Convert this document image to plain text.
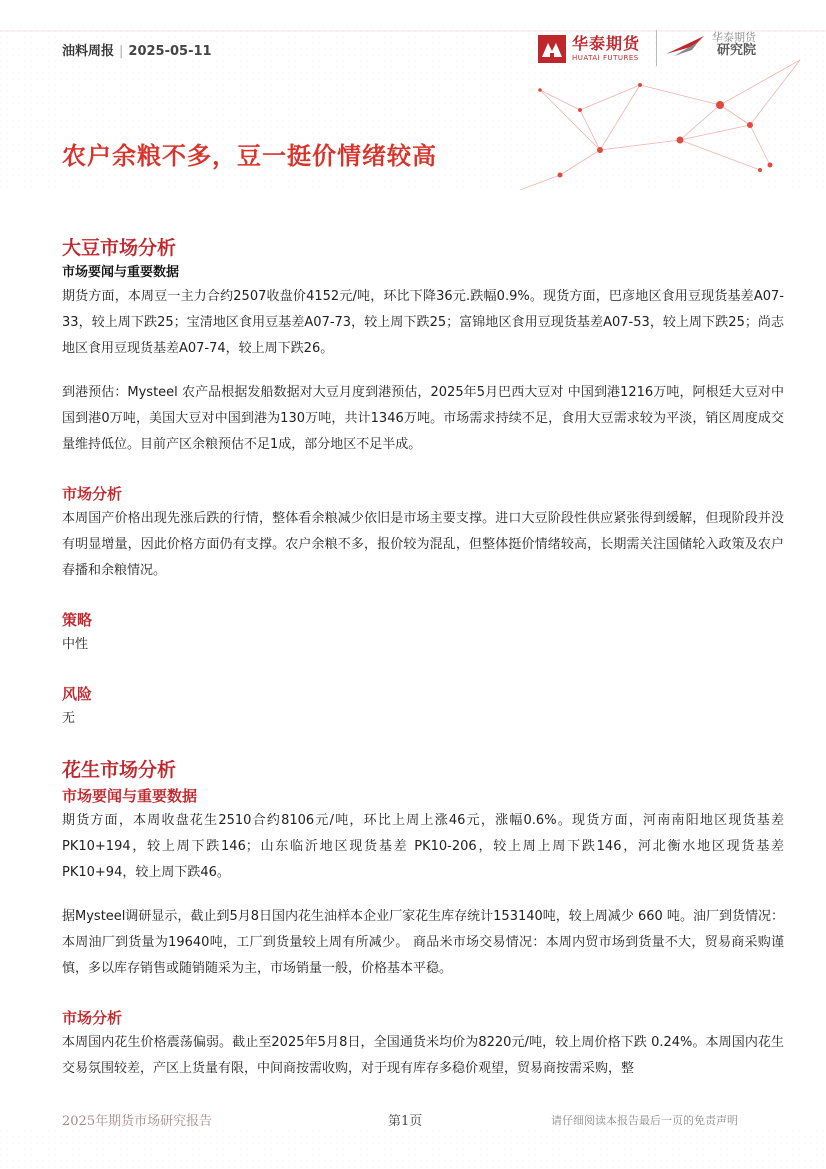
油料周报 | 2025-05-11	华泰期货
HUATAI FUTURES
华泰期货
研究院
农户余粮不多，豆一挺价情绪较高
大豆市场分析
市场要闻与重要数据

期货方面，本周豆一主力合约2507收盘价4152元/吨，环比下降36元.跌幅0.9%。现货方面，巴彦地区食用豆现货基差A07-33，较上周下跌25；宝清地区食用豆基差A07-73，较上周下跌25；富锦地区食用豆现货基差A07-53，较上周下跌25；尚志地区食用豆现货基差A07-74，较上周下跌26。

到港预估：Mysteel 农产品根据发船数据对大豆月度到港预估，2025年5月巴西大豆对 中国到港1216万吨，阿根廷大豆对中国到港0万吨，美国大豆对中国到港为130万吨，共计1346万吨。市场需求持续不足，食用大豆需求较为平淡，销区周度成交量维持低位。目前产区余粮预估不足1成，部分地区不足半成。

市场分析

本周国产价格出现先涨后跌的行情，整体看余粮减少依旧是市场主要支撑。进口大豆阶段性供应紧张得到缓解，但现阶段并没有明显增量，因此价格方面仍有支撑。农户余粮不多，报价较为混乱，但整体挺价情绪较高，长期需关注国储轮入政策及农户春播和余粮情况。

策略

中性

风险

无

花生市场分析
市场要闻与重要数据

期货方面，本周收盘花生2510合约8106元/吨，环比上周上涨46元，涨幅0.6%。现货方面，河南南阳地区现货基差PK10+194，较上周下跌146；山东临沂地区现货基差 PK10-206，较上周上周下跌146，河北衡水地区现货基差PK10+94，较上周下跌46。

据Mysteel调研显示，截止到5月8日国内花生油样本企业厂家花生库存统计153140吨，较上周减少 660 吨。油厂到货情况：本周油厂到货量为19640吨，工厂到货量较上周有所减少。 商品米市场交易情况：本周内贸市场到货量不大，贸易商采购谨慎，多以库存销售或随销随采为主，市场销量一般，价格基本平稳。

市场分析

本周国内花生价格震荡偏弱。截止至2025年5月8日，全国通货米均价为8220元/吨，较上周价格下跌 0.24%。本周国内花生交易氛围较差，产区上货量有限，中间商按需收购，对于现有库存多稳价观望，贸易商按需采购，整

2025年期货市场研究报告	第1页	请仔细阅读本报告最后一页的免责声明
